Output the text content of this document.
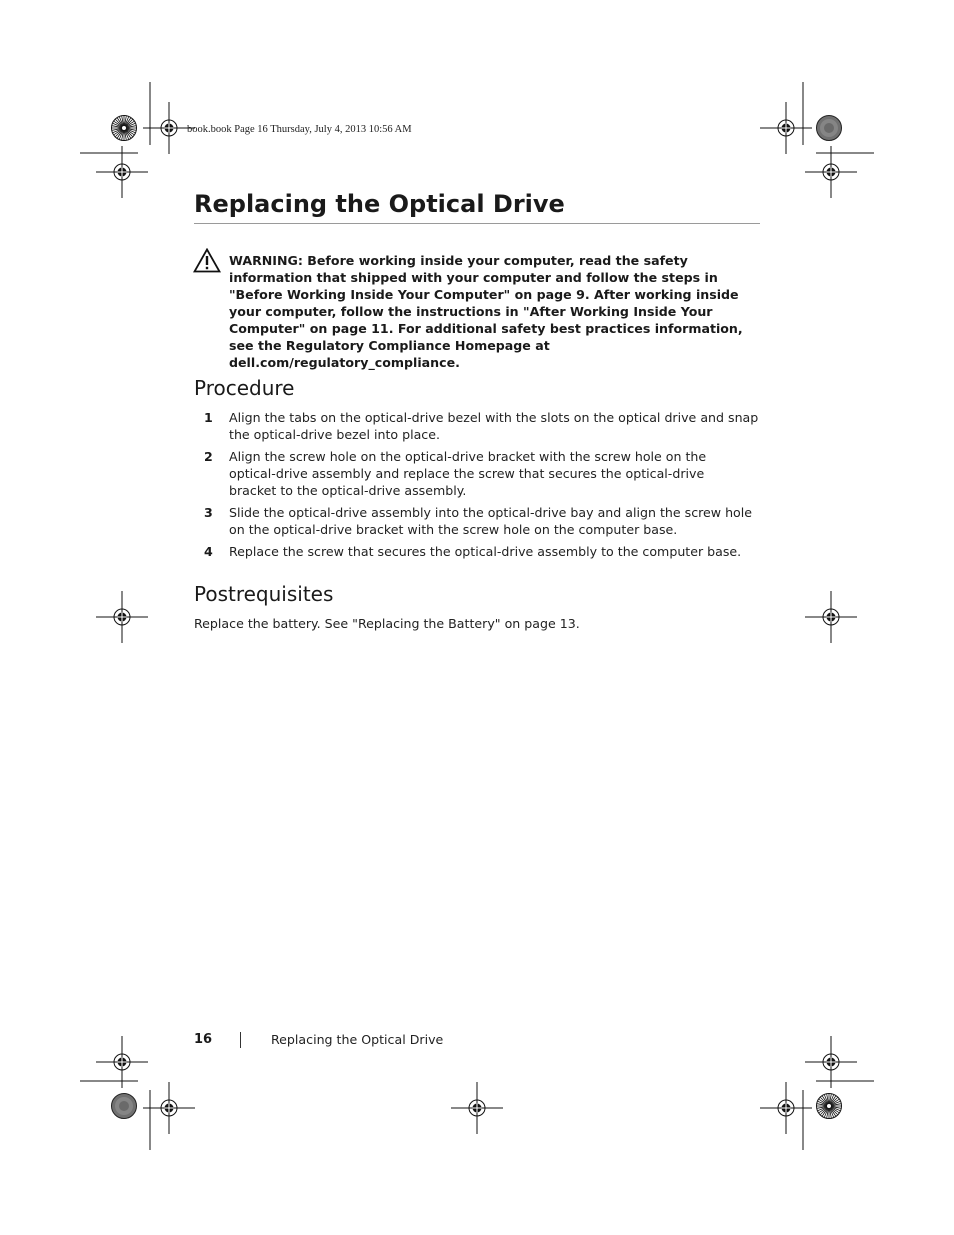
book.book Page 16 Thursday, July 4, 2013 10:56 AM
Replacing the Optical Drive
WARNING: Before working inside your computer, read the safety information that shipped with your computer and follow the steps in "Before Working Inside Your Computer" on page 9. After working inside your computer, follow the instructions in "After Working Inside Your Computer" on page 11. For additional safety best practices information, see the Regulatory Compliance Homepage at dell.com/regulatory_compliance.
Procedure
1 Align the tabs on the optical-drive bezel with the slots on the optical drive and snap the optical-drive bezel into place.
2 Align the screw hole on the optical-drive bracket with the screw hole on the optical-drive assembly and replace the screw that secures the optical-drive bracket to the optical-drive assembly.
3 Slide the optical-drive assembly into the optical-drive bay and align the screw hole on the optical-drive bracket with the screw hole on the computer base.
4 Replace the screw that secures the optical-drive assembly to the computer base.
Postrequisites
Replace the battery. See "Replacing the Battery" on page 13.
16	Replacing the Optical Drive
